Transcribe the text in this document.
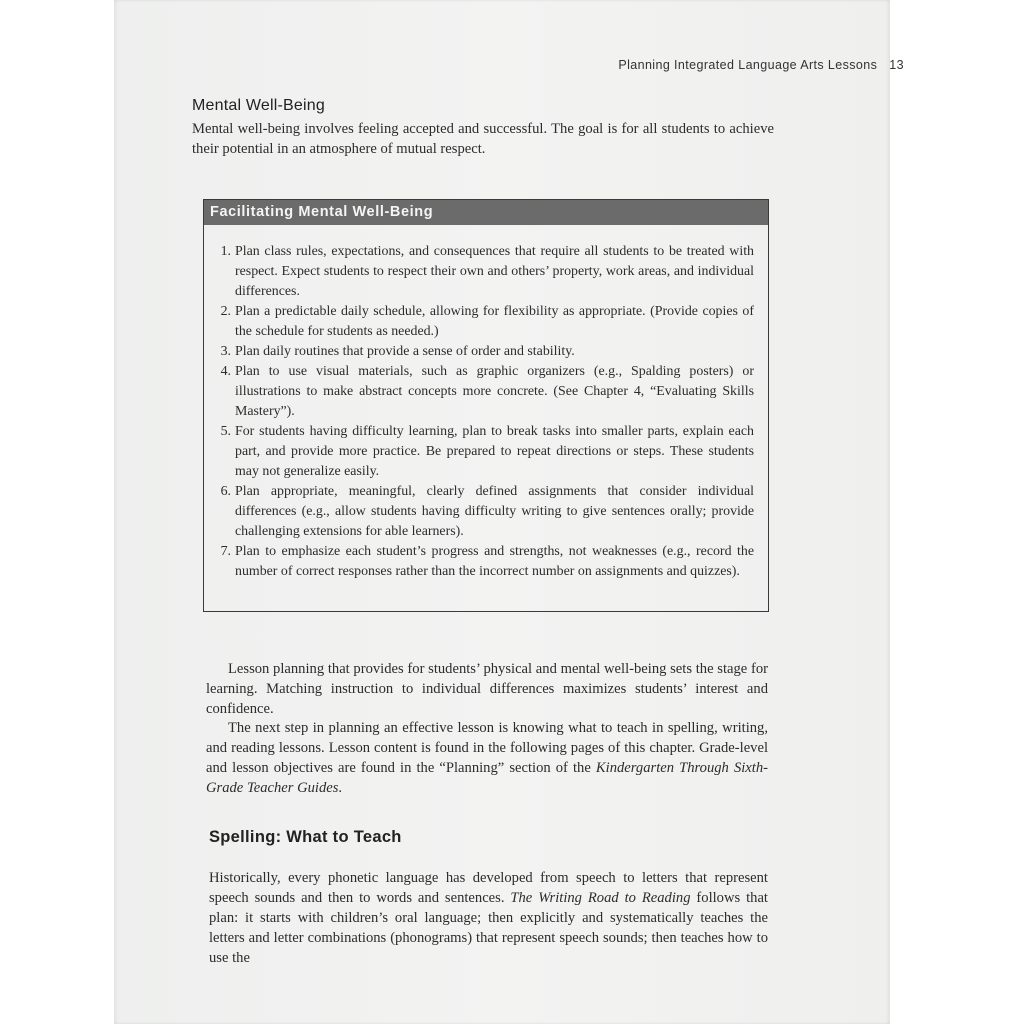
Planning Integrated Language Arts Lessons 13
Mental Well-Being
Mental well-being involves feeling accepted and successful. The goal is for all students to achieve their potential in an atmosphere of mutual respect.
Facilitating Mental Well-Being
1. Plan class rules, expectations, and consequences that require all students to be treated with respect. Expect students to respect their own and others’ property, work areas, and individual differences.
2. Plan a predictable daily schedule, allowing for flexibility as appropriate. (Provide copies of the schedule for students as needed.)
3. Plan daily routines that provide a sense of order and stability.
4. Plan to use visual materials, such as graphic organizers (e.g., Spalding posters) or illustrations to make abstract concepts more concrete. (See Chapter 4, “Evaluating Skills Mastery”).
5. For students having difficulty learning, plan to break tasks into smaller parts, explain each part, and provide more practice. Be prepared to repeat directions or steps. These students may not generalize easily.
6. Plan appropriate, meaningful, clearly defined assignments that consider individual differences (e.g., allow students having difficulty writing to give sentences orally; provide challenging extensions for able learners).
7. Plan to emphasize each student’s progress and strengths, not weaknesses (e.g., record the number of correct responses rather than the incorrect number on assignments and quizzes).
Lesson planning that provides for students’ physical and mental well-being sets the stage for learning. Matching instruction to individual differences maximizes students’ interest and confidence.
The next step in planning an effective lesson is knowing what to teach in spelling, writing, and reading lessons. Lesson content is found in the following pages of this chapter. Grade-level and lesson objectives are found in the “Planning” section of the Kindergarten Through Sixth-Grade Teacher Guides.
Spelling: What to Teach
Historically, every phonetic language has developed from speech to letters that represent speech sounds and then to words and sentences. The Writing Road to Reading follows that plan: it starts with children’s oral language; then explicitly and systematically teaches the letters and letter combinations (phonograms) that represent speech sounds; then teaches how to use the
